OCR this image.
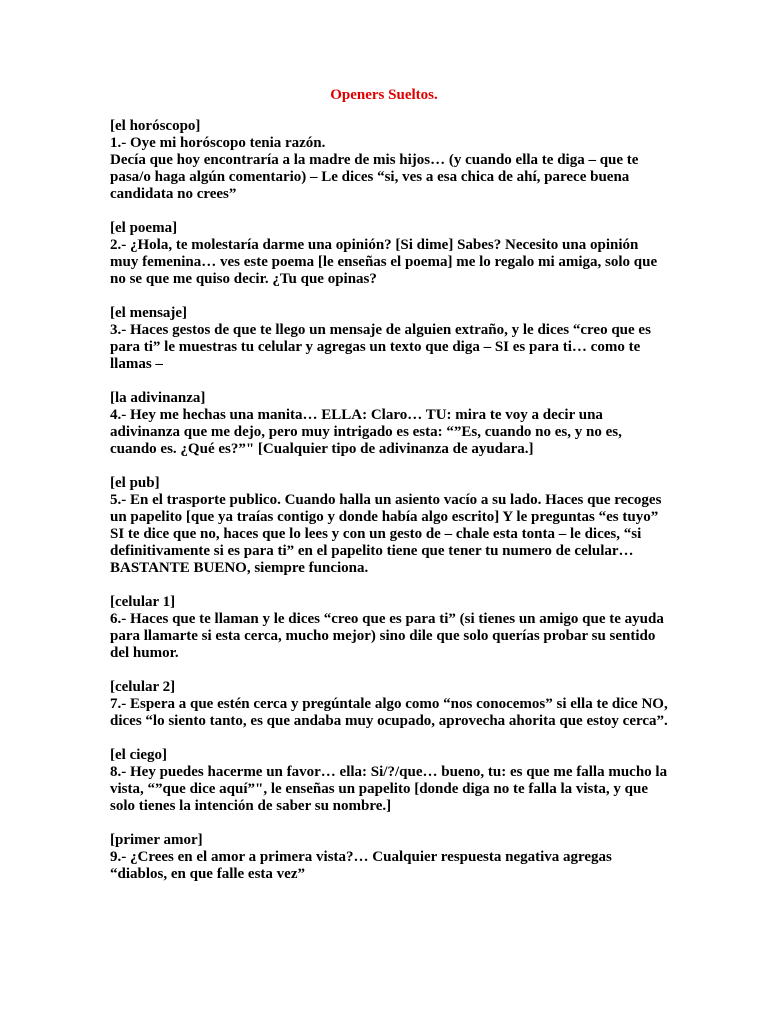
Openers Sueltos.

[el horóscopo]

1.- Oye mi horóscopo tenia razón.

Decía que hoy encontraría a la madre de mis hijos… (y cuando ella te diga – que te pasa/o haga algún comentario) – Le dices “si, ves a esa chica de ahí, parece buena candidata no crees”

[el poema]

2.- ¿Hola, te molestaría darme una opinión? [Si dime] Sabes? Necesito una opinión muy femenina… ves este poema [le enseñas el poema] me lo regalo mi amiga, solo que no se que me quiso decir. ¿Tu que opinas?

[el mensaje]

3.- Haces gestos de que te llego un mensaje de alguien extraño, y le dices “creo que es para ti” le muestras tu celular y agregas un texto que diga – SI es para ti… como te llamas –

[la adivinanza]

4.- Hey me hechas una manita… ELLA: Claro… TU: mira te voy a decir una adivinanza que me dejo, pero muy intrigado es esta: “”Es, cuando no es, y no es, cuando es. ¿Qué es?”" [Cualquier tipo de adivinanza de ayudara.]

[el pub]

5.- En el trasporte publico. Cuando halla un asiento vacío a su lado. Haces que recoges un papelito [que ya traías contigo y donde había algo escrito] Y le preguntas “es tuyo” SI te dice que no, haces que lo lees y con un gesto de – chale esta tonta – le dices, “si definitivamente si es para ti” en el papelito tiene que tener tu numero de celular… BASTANTE BUENO, siempre funciona.

[celular 1]

6.- Haces que te llaman y le dices “creo que es para ti” (si tienes un amigo que te ayuda para llamarte si esta cerca, mucho mejor) sino dile que solo querías probar su sentido del humor.

[celular 2]

7.- Espera a que estén cerca y pregúntale algo como “nos conocemos” si ella te dice NO, dices “lo siento tanto, es que andaba muy ocupado, aprovecha ahorita que estoy cerca”.

[el ciego]

8.- Hey puedes hacerme un favor… ella: Si/?/que… bueno, tu: es que me falla mucho la vista, “”que dice aquí”", le enseñas un papelito [donde diga no te falla la vista, y que solo tienes la intención de saber su nombre.]

[primer amor]

9.- ¿Crees en el amor a primera vista?… Cualquier respuesta negativa agregas “diablos, en que falle esta vez”
